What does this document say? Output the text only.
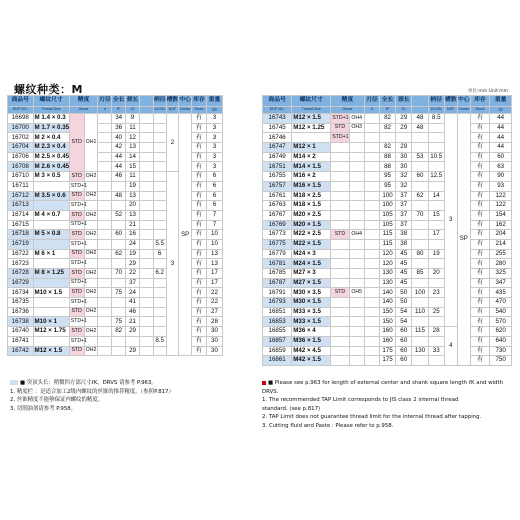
螺纹种类：M	单位:mm Unit:mm
商品号	螺纹尺寸	精度		刃径	全长	颈长		柄径	槽数	中心	库存	重量
EDP NO.	Thread Size	Grade		d	ℓF	ℓU		DCON	NOF	Center	Stock	(g)
16698	M 1.4 × 0.3	STD	OH1		34	9			2	SP	有	3
16700	M 1.7 × 0.35				36	11					有	3
16702	M 2 × 0.4				40	12					有	3
16704	M 2.3 × 0.4				42	13					有	3
16706	M 2.5 × 0.45				44	14					有	3
16708	M 2.6 × 0.45				44	15					有	3
16710	M 3 × 0.5	STD	OH2		46	11			3		有	6
16711		STD+1				19					有	6
16712	M 3.5 × 0.6	STD	OH2		48	13					有	6
16713		STD+1				20					有	6
16714	M 4 × 0.7	STD	OH2		52	13					有	7
16715		STD+1				21					有	7
16718	M 5 × 0.8	STD	OH2		60	16					有	10
16719		STD+1				24		5.5			有	10
16722	M 6 × 1	STD	OH2		62	19		6			有	13
16723		STD+1				29					有	13
16728	M 8 × 1.25	STD	OH2		70	22		6.2			有	17
16729		STD+1				37					有	17
16734	M10 × 1.5	STD	OH2		75	24					有	22
16735		STD+1				41					有	22
16736		STD	OH2			46					有	27
16738	M10 × 1	STD+1			75	21					有	28
16740	M12 × 1.75	STD	OH2		82	29					有	30
16741		STD+1						8.5			有	30
16742	M12 × 1.5	STD	OH2			29					有	30
商品号	螺纹尺寸	精度		刃径	全长	颈长		柄径	槽数	中心	库存	重量
EDP NO.	Thread Size	Grade		d	ℓF	ℓU		DCON	NOF	Center	Stock	(g)
16743	M12 × 1.5	STD+1	OH4		82	29	48	8.5	3	SP	有	44
16745	M12 × 1.25	STD	OH3		82	29	48				有	44
16746		STD+1									有	44
16747	M12 × 1				82	29					有	44
16749	M14 × 2				88	30	53	10.5			有	60
16751	M14 × 1.5				88	30					有	63
16755	M16 × 2				95	32	60	12.5			有	90
16757	M16 × 1.5				95	32					有	93
16761	M18 × 2.5				100	37	62	14			有	122
16763	M18 × 1.5				100	37					有	122
16767	M20 × 2.5				105	37	70	15			有	154
16769	M20 × 1.5				105	37					有	162
16773	M22 × 2.5	STD	OH4		115	38		17			有	204
16775	M22 × 1.5				115	38					有	214
16779	M24 × 3				120	45	80	19			有	255
16781	M24 × 1.5				120	45					有	280
16785	M27 × 3				130	45	85	20			有	325
16787	M27 × 1.5				130	45					有	347
16791	M30 × 3.5	STD	OH5		140	50	100	23			有	435
16793	M30 × 1.5				140	50					有	470
16851	M33 × 3.5				150	54	110	25			有	540
16853	M33 × 1.5				150	54					有	570
16855	M36 × 4				160	60	115	28	4		有	620
16857	M36 × 1.5				160	60					有	640
16859	M42 × 4.5				175	60	130	33			有	730
16861	M42 × 1.5				175	60					有	750
■ 突顶头长：稍微四方部尺寸ℓK，DRVS 请参考 P.963。
1. 精度栏 ：是适合加工2级内螺纹的丝锥的推荐精度。（参照P.817）
2. 丝锥精度不能够保证内螺纹的精度。
3. 切削油剂请参考 P.958。
■ Please see p.963 for length of external center and shank square length ℓK and width DRVS.
1. The recommended TAP Limit corresponds to JIS class 2 internal thread
standard. (see p.817)
2. TAP Limit does not guarantee thread limit for the internal thread after tapping.
3. Cutting fluid and Paste : Please refer to p.958.
